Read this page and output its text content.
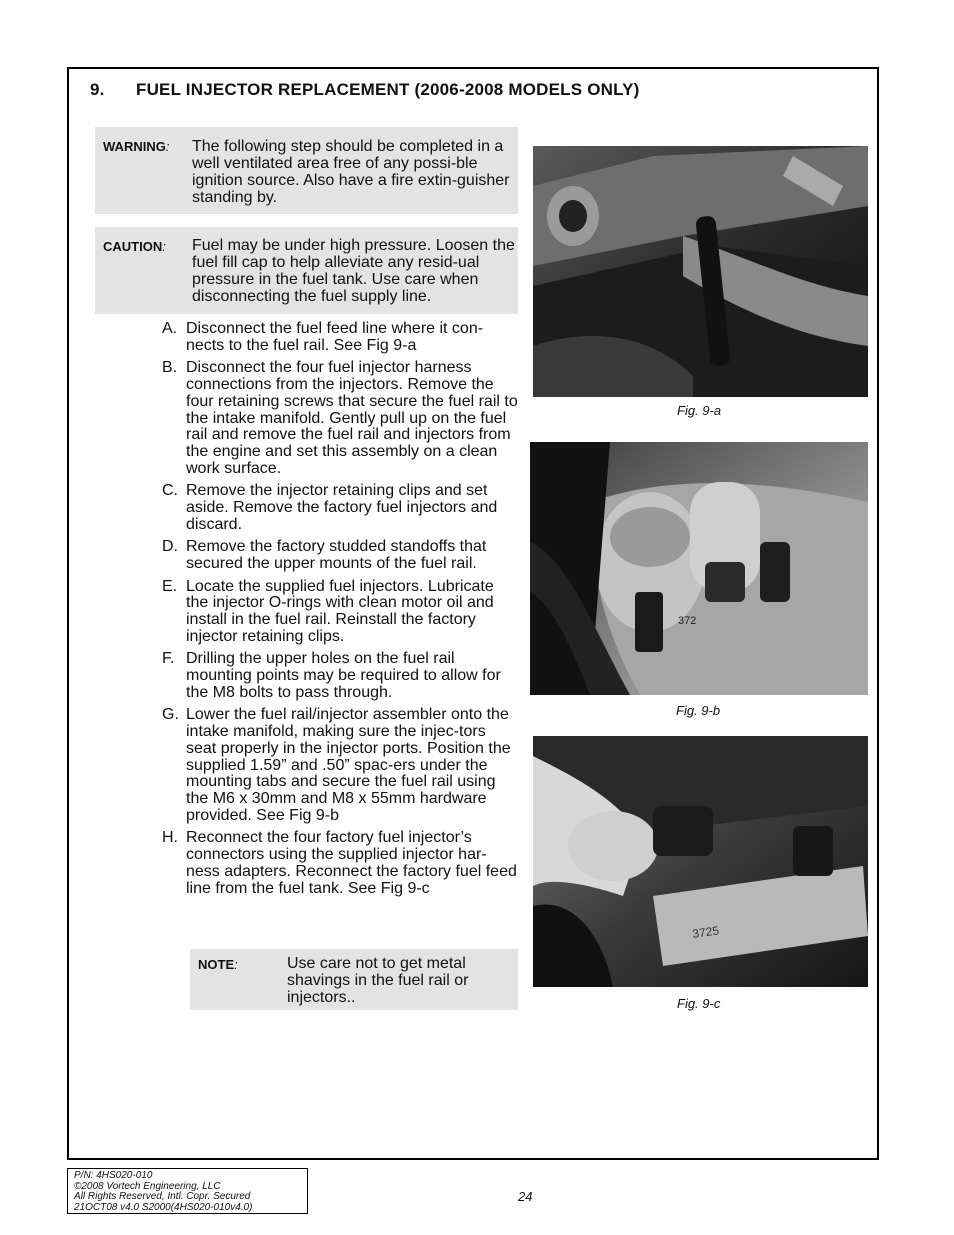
9. FUEL INJECTOR REPLACEMENT (2006-2008 MODELS ONLY)
WARNING: The following step should be completed in a well ventilated area free of any possi-ble ignition source. Also have a fire extin-guisher standing by.
CAUTION: Fuel may be under high pressure. Loosen the fuel fill cap to help alleviate any resid-ual pressure in the fuel tank. Use care when disconnecting the fuel supply line.
A. Disconnect the fuel feed line where it con-nects to the fuel rail. See Fig 9-a
B. Disconnect the four fuel injector harness connections from the injectors. Remove the four retaining screws that secure the fuel rail to the intake manifold. Gently pull up on the fuel rail and remove the fuel rail and injectors from the engine and set this assembly on a clean work surface.
C. Remove the injector retaining clips and set aside. Remove the factory fuel injectors and discard.
D. Remove the factory studded standoffs that secured the upper mounts of the fuel rail.
E. Locate the supplied fuel injectors. Lubricate the injector O-rings with clean motor oil and install in the fuel rail. Reinstall the factory injector retaining clips.
F. Drilling the upper holes on the fuel rail mounting points may be required to allow for the M8 bolts to pass through.
G. Lower the fuel rail/injector assembler onto the intake manifold, making sure the injec-tors seat properly in the injector ports. Position the supplied 1.59” and .50” spac-ers under the mounting tabs and secure the fuel rail using the M6 x 30mm and M8 x 55mm hardware provided. See Fig 9-b
H. Reconnect the four factory fuel injector’s connectors using the supplied injector har-ness adapters. Reconnect the factory fuel feed line from the fuel tank. See Fig 9-c
NOTE:	Use care not to get metal shavings in the fuel rail or injectors..
Fig. 9-a
372
Fig. 9-b
3725
Fig. 9-c
P/N: 4HS020-010
©2008 Vortech Engineering, LLC
All Rights Reserved, Intl. Copr. Secured
21OCT08 v4.0 S2000(4HS020-010v4.0)
24
